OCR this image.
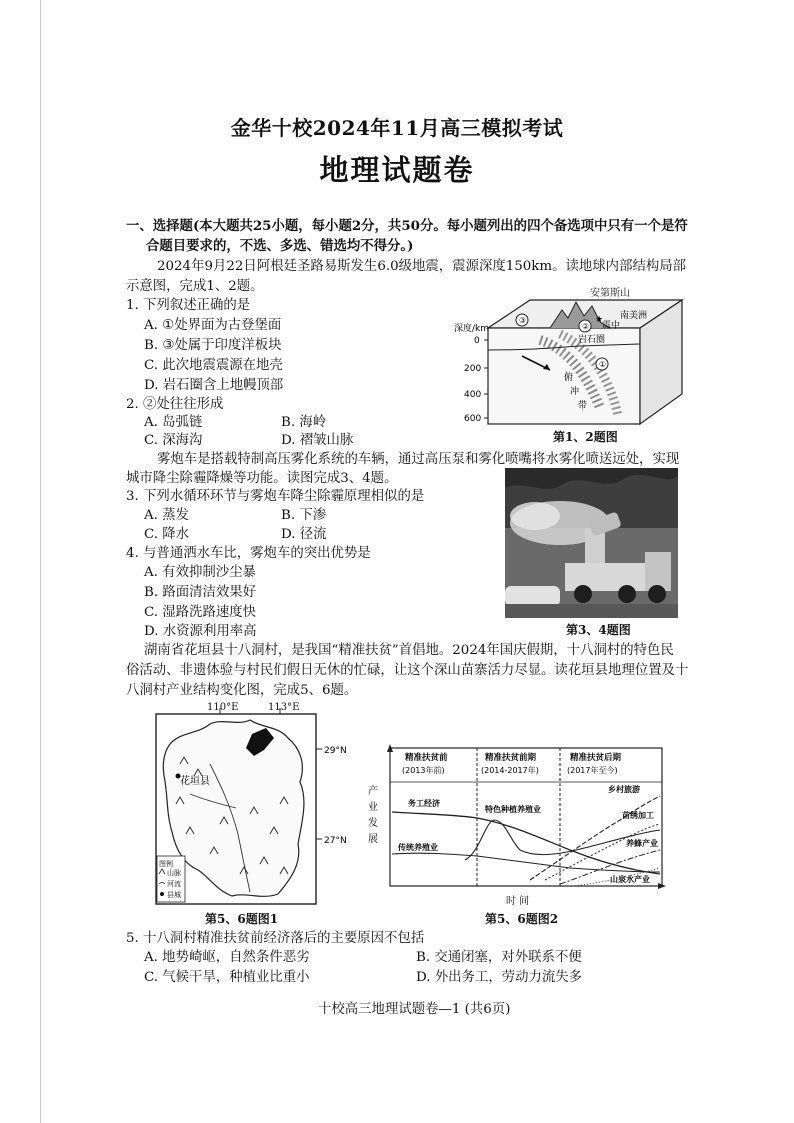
金华十校2024年11月高三模拟考试
地理试题卷
一、选择题(本大题共25小题，每小题2分，共50分。每小题列出的四个备选项中只有一个是符
合题目要求的，不选、多选、错选均不得分。)
2024年9月22日阿根廷圣路易斯发生6.0级地震，震源深度150km。读地球内部结构局部
示意图，完成1、2题。
1. 下列叙述正确的是
A. ①处界面为古登堡面
B. ③处属于印度洋板块
C. 此次地震震源在地壳
D. 岩石圈含上地幔顶部
2. ②处往往形成
A. 岛弧链	B. 海岭
C. 深海沟	D. 褶皱山脉
③
②
①
★
震中
南美洲
岩石圈
俯
冲
带
深度/km
0
200
400
600
安第斯山
第1、2题图
雾炮车是搭载特制高压雾化系统的车辆，通过高压泵和雾化喷嘴将水雾化喷送远处，实现
城市降尘除霾降燥等功能。读图完成3、4题。
3. 下列水循环环节与雾炮车降尘除霾原理相似的是
A. 蒸发	B. 下渗
C. 降水	D. 径流
4. 与普通洒水车比，雾炮车的突出优势是
A. 有效抑制沙尘暴
B. 路面清洁效果好
C. 湿路洗路速度快
D. 水资源利用率高	第3、4题图
湖南省花垣县十八洞村，是我国“精准扶贫”首倡地。2024年国庆假期，十八洞村的特色民
俗活动、非遗体验与村民们假日无休的忙碌，让这个深山苗寨活力尽显。读花垣县地理位置及十
八洞村产业结构变化图，完成5、6题。
花垣县
29°N
27°N
图例
山脉
河流
县城
110°E	113°E
第5、6题图1
精准扶贫前
(2013年前)
精准扶贫前期
(2014-2017年)
精准扶贫后期
(2017年至今)
产
业
发
展
务工经济
传统养殖业
特色种植养殖业
乡村旅游
苗绣加工
养蜂产业
山泉水产业
时 间
第5、6题图2
5. 十八洞村精准扶贫前经济落后的主要原因不包括
A. 地势崎岖，自然条件恶劣	B. 交通闭塞，对外联系不便
C. 气候干旱，种植业比重小	D. 外出务工，劳动力流失多
十校高三地理试题卷—1 (共6页)
